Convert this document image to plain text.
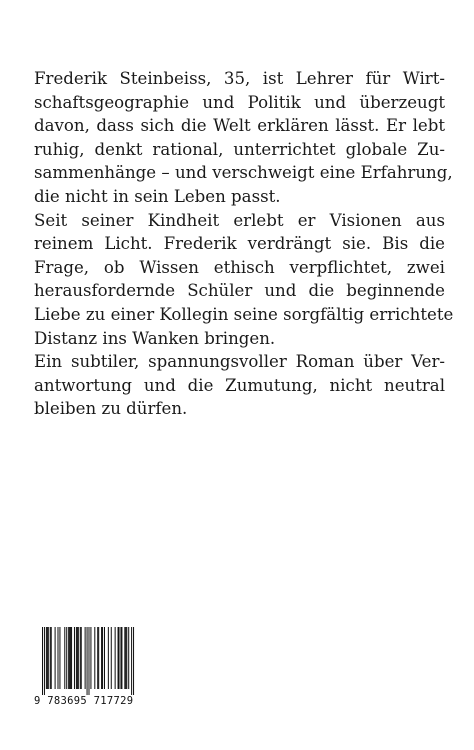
Frederik Steinbeiss, 35, ist Lehrer für Wirt-
schaftsgeographie und Politik und überzeugt
davon, dass sich die Welt erklären lässt. Er lebt
ruhig, denkt rational, unterrichtet globale Zu-
sammenhänge – und verschweigt eine Erfahrung,
die nicht in sein Leben passt.

Seit seiner Kindheit erlebt er Visionen aus
reinem Licht. Frederik verdrängt sie. Bis die
Frage, ob Wissen ethisch verpflichtet, zwei
herausfordernde Schüler und die beginnende
Liebe zu einer Kollegin seine sorgfältig errichtete
Distanz ins Wanken bringen.

Ein subtiler, spannungsvoller Roman über Ver-
antwortung und die Zumutung, nicht neutral
bleiben zu dürfen.

9 783695 717729
